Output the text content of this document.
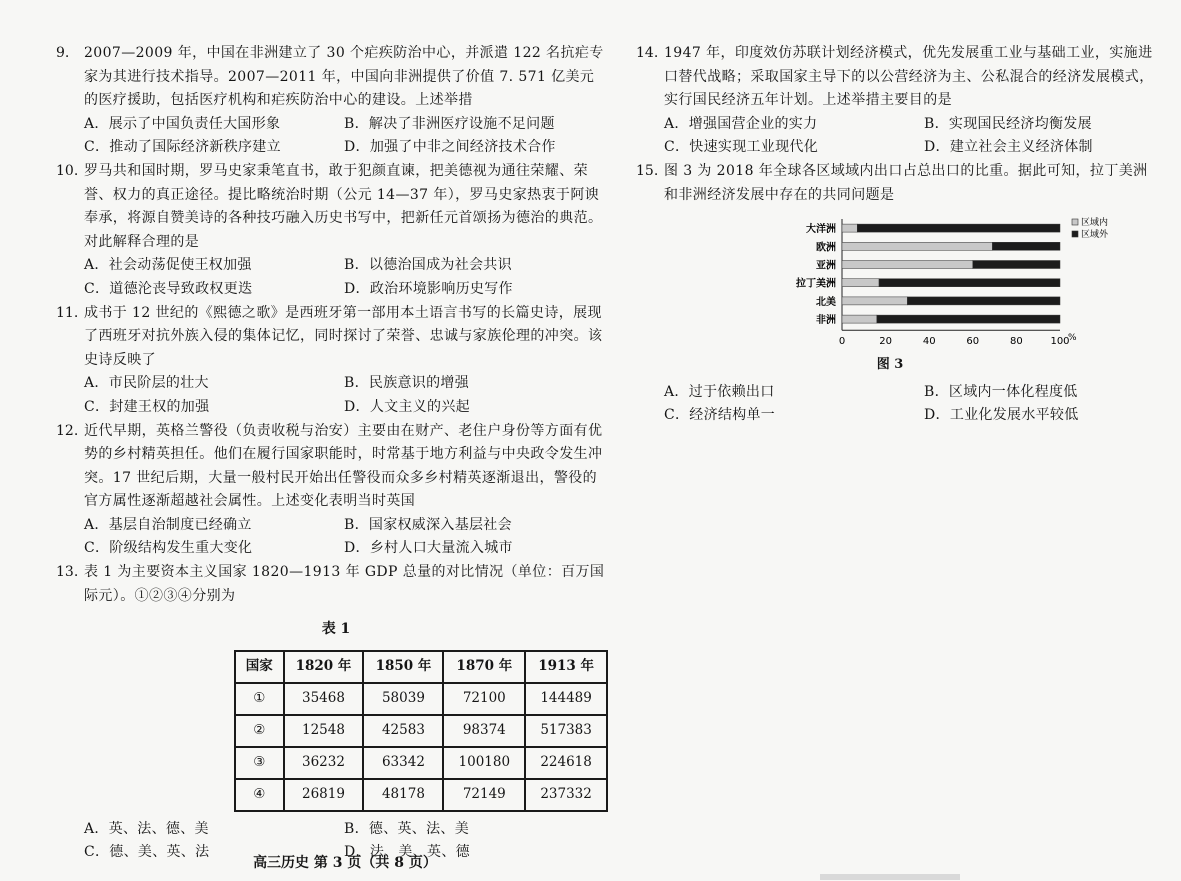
9.	2007—2009 年，中国在非洲建立了 30 个疟疾防治中心，并派遣 122 名抗疟专家为其进行技术指导。2007—2011 年，中国向非洲提供了价值 7. 571 亿美元的医疗援助，包括医疗机构和疟疾防治中心的建设。上述举措
A．展示了中国负责任大国形象	B．解决了非洲医疗设施不足问题
C．推动了国际经济新秩序建立	D．加强了中非之间经济技术合作
10. 罗马共和国时期，罗马史家秉笔直书，敢于犯颜直谏，把美德视为通往荣耀、荣誉、权力的真正途径。提比略统治时期（公元 14—37 年），罗马史家热衷于阿谀奉承，将源自赞美诗的各种技巧融入历史书写中，把新任元首颂扬为德治的典范。对此解释合理的是
A．社会动荡促使王权加强	B．以德治国成为社会共识
C．道德沦丧导致政权更迭	D．政治环境影响历史写作
11. 成书于 12 世纪的《熙德之歌》是西班牙第一部用本土语言书写的长篇史诗，展现了西班牙对抗外族入侵的集体记忆，同时探讨了荣誉、忠诚与家族伦理的冲突。该史诗反映了
A．市民阶层的壮大	B．民族意识的增强
C．封建王权的加强	D．人文主义的兴起
12. 近代早期，英格兰警役（负责收税与治安）主要由在财产、老住户身份等方面有优势的乡村精英担任。他们在履行国家职能时，时常基于地方利益与中央政令发生冲突。17 世纪后期，大量一般村民开始出任警役而众多乡村精英逐渐退出，警役的官方属性逐渐超越社会属性。上述变化表明当时英国
A．基层自治制度已经确立	B．国家权威深入基层社会
C．阶级结构发生重大变化	D．乡村人口大量流入城市
13. 表 1 为主要资本主义国家 1820—1913 年 GDP 总量的对比情况（单位：百万国际元）。①②③④分别为
表 1
国家	1820 年	1850 年	1870 年	1913 年
①	35468	58039	72100	144489
②	12548	42583	98374	517383
③	36232	63342	100180	224618
④	26819	48178	72149	237332
A．英、法、德、美	B．德、英、法、美
C．德、美、英、法	D．法、美、英、德
14. 1947 年，印度效仿苏联计划经济模式，优先发展重工业与基础工业，实施进口替代战略；采取国家主导下的以公营经济为主、公私混合的经济发展模式，实行国民经济五年计划。上述举措主要目的是
A．增强国营企业的实力	B．实现国民经济均衡发展
C．快速实现工业现代化	D．建立社会主义经济体制
15. 图 3 为 2018 年全球各区域域内出口占总出口的比重。据此可知，拉丁美洲和非洲经济发展中存在的共同问题是
大洋洲
欧洲
亚洲
拉丁美洲
北美
非洲
0	20	40	60	80	100
%
区域内
区域外
图 3
A．过于依赖出口	B．区域内一体化程度低
C．经济结构单一	D．工业化发展水平较低
高三历史 第 3 页（共 8 页）
